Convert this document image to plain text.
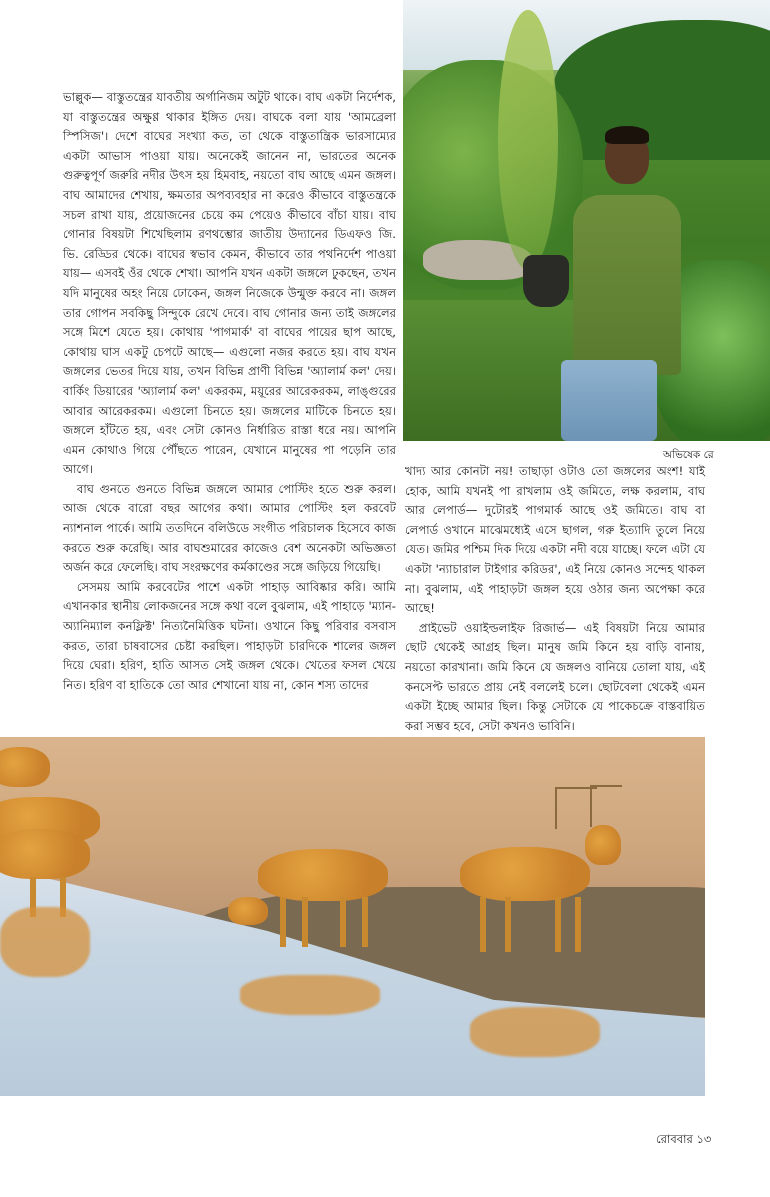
ভাল্লুক— বাস্তুতন্ত্রের যাবতীয় অর্গানিজম অটুট থাকে। বাঘ একটা নির্দেশক, যা বাস্তুতন্ত্রের অক্ষুণ্ণ থাকার ইঙ্গিত দেয়। বাঘকে বলা যায় 'আমব্রেলা স্পিসিজ'। দেশে বাঘের সংখ্যা কত, তা থেকে বাস্তুতান্ত্রিক ভারসাম্যের একটা আভাস পাওয়া যায়। অনেকেই জানেন না, ভারতের অনেক গুরুত্বপূর্ণ জরুরি নদীর উৎস হয় হিমবাহ, নয়তো বাঘ আছে এমন জঙ্গল। বাঘ আমাদের শেখায়, ক্ষমতার অপব্যবহার না করেও কীভাবে বাস্তুতন্ত্রকে সচল রাখা যায়, প্রয়োজনের চেয়ে কম পেয়েও কীভাবে বাঁচা যায়। বাঘ গোনার বিষয়টা শিখেছিলাম রণথম্ভোর জাতীয় উদ্যানের ডিএফও জি. ভি. রেড্ডির থেকে। বাঘের স্বভাব কেমন, কীভাবে তার পথনির্দেশ পাওয়া যায়— এসবই ওঁর থেকে শেখা। আপনি যখন একটা জঙ্গলে ঢুকছেন, তখন যদি মানুষের অহং নিয়ে ঢোকেন, জঙ্গল নিজেকে উন্মুক্ত করবে না। জঙ্গল তার গোপন সবকিছু সিন্দুকে রেখে দেবে। বাঘ গোনার জন্য তাই জঙ্গলের সঙ্গে মিশে যেতে হয়। কোথায় 'পাগমার্ক' বা বাঘের পায়ের ছাপ আছে, কোথায় ঘাস একটু চেপটে আছে— এগুলো নজর করতে হয়। বাঘ যখন জঙ্গলের ভেতর দিয়ে যায়, তখন বিভিন্ন প্রাণী বিভিন্ন 'অ্যালার্ম কল' দেয়। বার্কিং ডিয়ারের 'অ্যালার্ম কল' একরকম, ময়ূরের আরেকরকম, লাঙ্গুরের আবার আরেকরকম। এগুলো চিনতে হয়। জঙ্গলের মাটিকে চিনতে হয়। জঙ্গলে হাঁটতে হয়, এবং সেটা কোনও নির্ধারিত রাস্তা ধরে নয়। আপনি এমন কোথাও গিয়ে পৌঁছতে পারেন, যেখানে মানুষের পা পড়েনি তার আগে।

বাঘ গুনতে গুনতে বিভিন্ন জঙ্গলে আমার পোস্টিং হতে শুরু করল। আজ থেকে বারো বছর আগের কথা। আমার পোস্টিং হল করবেট ন্যাশনাল পার্কে। আমি ততদিনে বলিউডে সংগীত পরিচালক হিসেবে কাজ করতে শুরু করেছি। আর বাঘশুমারের কাজেও বেশ অনেকটা অভিজ্ঞতা অর্জন করে ফেলেছি। বাঘ সংরক্ষণের কর্মকাণ্ডের সঙ্গে জড়িয়ে গিয়েছি।

সেসময় আমি করবেটের পাশে একটা পাহাড় আবিষ্কার করি। আমি এখানকার স্থানীয় লোকজনের সঙ্গে কথা বলে বুঝলাম, এই পাহাড়ে 'ম্যান-অ্যানিম্যাল কনফ্লিক্ট' নিত্যনৈমিত্তিক ঘটনা। ওখানে কিছু পরিবার বসবাস করত, তারা চাষবাসের চেষ্টা করছিল। পাহাড়টা চারদিকে শালের জঙ্গল দিয়ে ঘেরা। হরিণ, হাতি আসত সেই জঙ্গল থেকে। খেতের ফসল খেয়ে নিত। হরিণ বা হাতিকে তো আর শেখানো যায় না, কোন শস্য তাদের

অভিষেক রে

খাদ্য আর কোনটা নয়! তাছাড়া ওটাও তো জঙ্গলের অংশ! যাই হোক, আমি যখনই পা রাখলাম ওই জমিতে, লক্ষ করলাম, বাঘ আর লেপার্ড— দুটোরই পাগমার্ক আছে ওই জমিতে। বাঘ বা লেপার্ড ওখানে মাঝেমধ্যেই এসে ছাগল, গরু ইত্যাদি তুলে নিয়ে যেত। জমির পশ্চিম দিক দিয়ে একটা নদী বয়ে যাচ্ছে। ফলে এটা যে একটা 'ন্যাচারাল টাইগার করিডর', এই নিয়ে কোনও সন্দেহ থাকল না। বুঝলাম, এই পাহাড়টা জঙ্গল হয়ে ওঠার জন্য অপেক্ষা করে আছে!

প্রাইভেট ওয়াইল্ডলাইফ রিজার্ভ— এই বিষয়টা নিয়ে আমার ছোট থেকেই আগ্রহ ছিল। মানুষ জমি কিনে হয় বাড়ি বানায়, নয়তো কারখানা। জমি কিনে যে জঙ্গলও বানিয়ে তোলা যায়, এই কনসেপ্ট ভারতে প্রায় নেই বললেই চলে। ছোটবেলা থেকেই এমন একটা ইচ্ছে আমার ছিল। কিন্তু সেটাকে যে পাকেচক্রে বাস্তবায়িত করা সম্ভব হবে, সেটা কখনও ভাবিনি।

রোববার ১৩
